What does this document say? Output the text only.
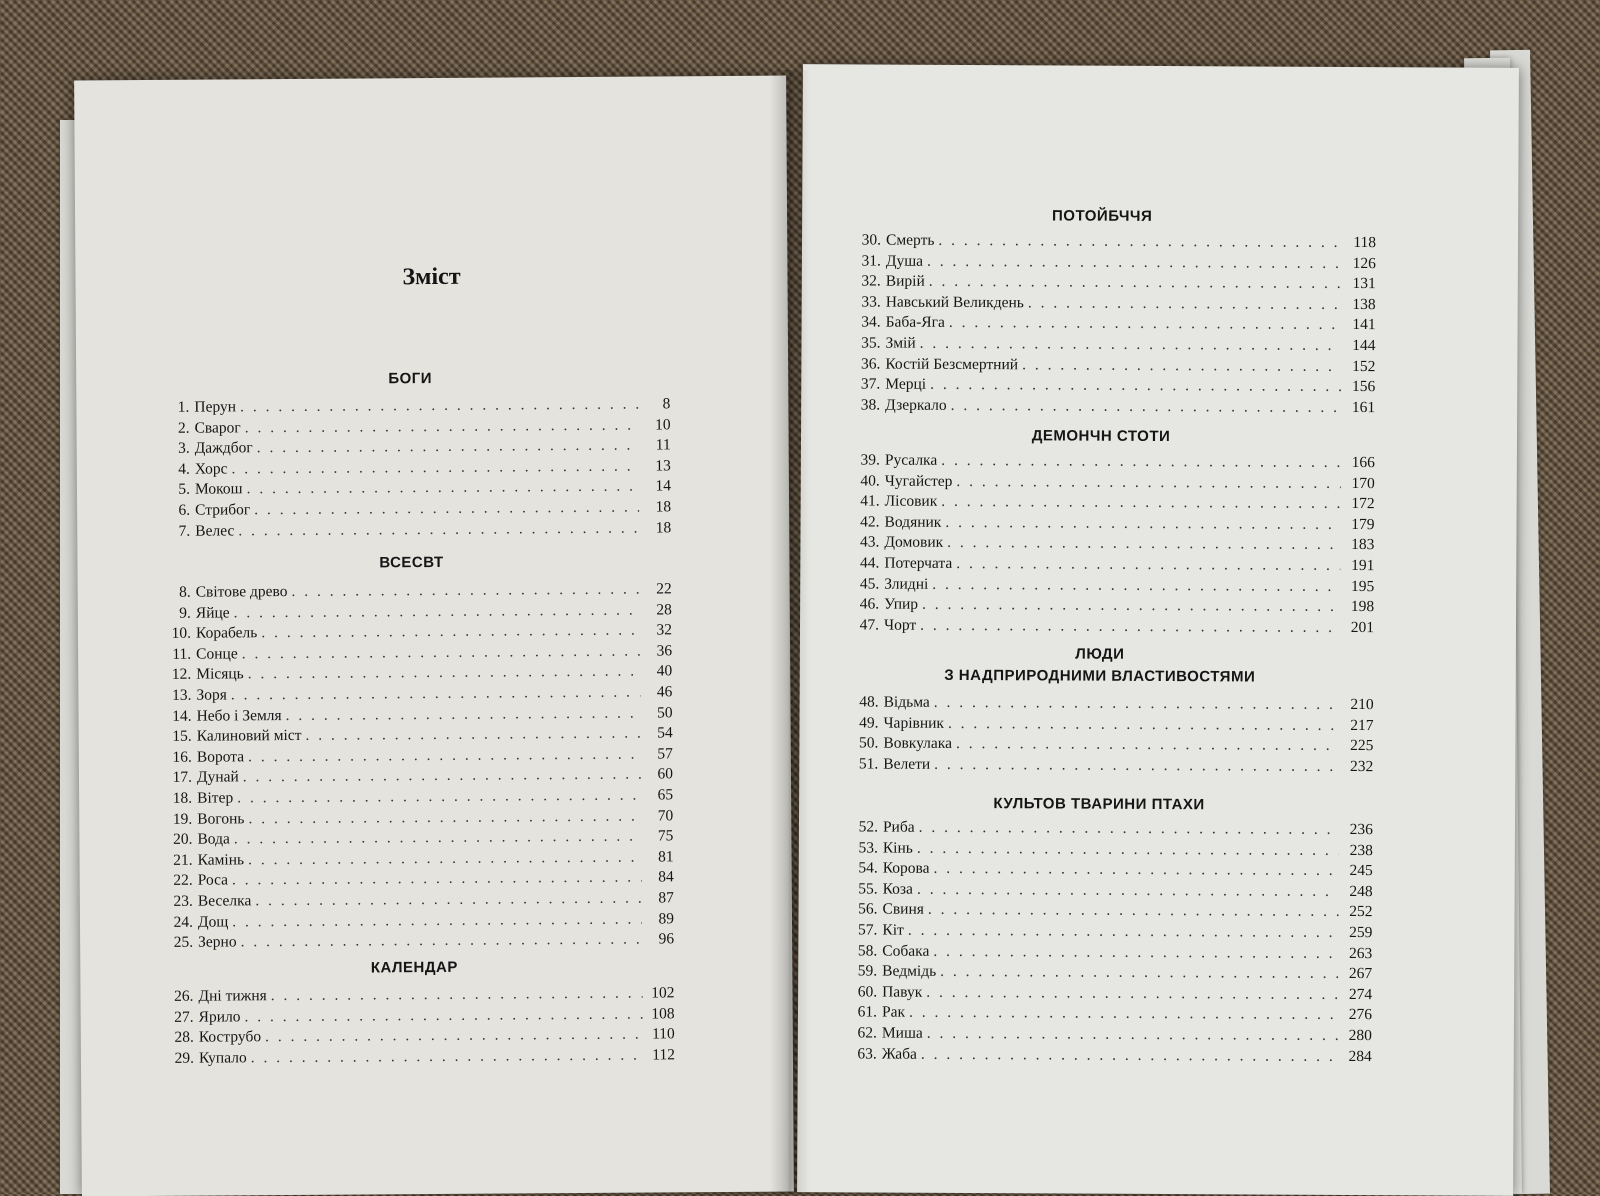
Зміст
БОГИ
1. Перун . . .	8
2. Сварог . . .	10
3. Даждбог . . .	11
4. Хорс . . .	13
5. Мокош . . .	14
6. Стрибог . . .	18
7. Велес . . .	18
ВСЕСВТ
8. Світове древо . . .	22
9. Яйце . . .	28
10. Корабель . . .	32
11. Сонце . . .	36
12. Місяць . . .	40
13. Зоря . . .	46
14. Небо і Земля . . .	50
15. Калиновий міст . . .	54
16. Ворота . . .	57
17. Дунай . . .	60
18. Вітер . . .	65
19. Вогонь . . .	70
20. Вода . . .	75
21. Камінь . . .	81
22. Роса . . .	84
23. Веселка . . .	87
24. Дощ . . .	89
25. Зерно . . .	96
КАЛЕНДАР
26. Дні тижня . . .	102
27. Ярило . . .	108
28. Кострубо . . .	110
29. Купало . . .	112
ПОТОЙБЧЧЯ
30. Смерть . . .	118
31. Душа . . .	126
32. Вирій . . .	131
33. Навський Великдень . . .	138
34. Баба-Яга . . .	141
35. Змій . . .	144
36. Костій Безсмертний . . .	152
37. Мерці . . .	156
38. Дзеркало . . .	161
ДЕМОНЧН СТОТИ
39. Русалка . . .	166
40. Чугайстер . . .	170
41. Лісовик . . .	172
42. Водяник . . .	179
43. Домовик . . .	183
44. Потерчата . . .	191
45. Злидні . . .	195
46. Упир . . .	198
47. Чорт . . .	201
ЛЮДИ
З НАДПРИРОДНИМИ ВЛАСТИВОСТЯМИ
48. Відьма . . .	210
49. Чарівник . . .	217
50. Вовкулака . . .	225
51. Велети . . .	232
КУЛЬТОВ ТВАРИНИ ПТАХИ
52. Риба . . .	236
53. Кінь . . .	238
54. Корова . . .	245
55. Коза . . .	248
56. Свиня . . .	252
57. Кіт . . .	259
58. Собака . . .	263
59. Ведмідь . . .	267
60. Павук . . .	274
61. Рак . . .	276
62. Миша . . .	280
63. Жаба . . .	284
